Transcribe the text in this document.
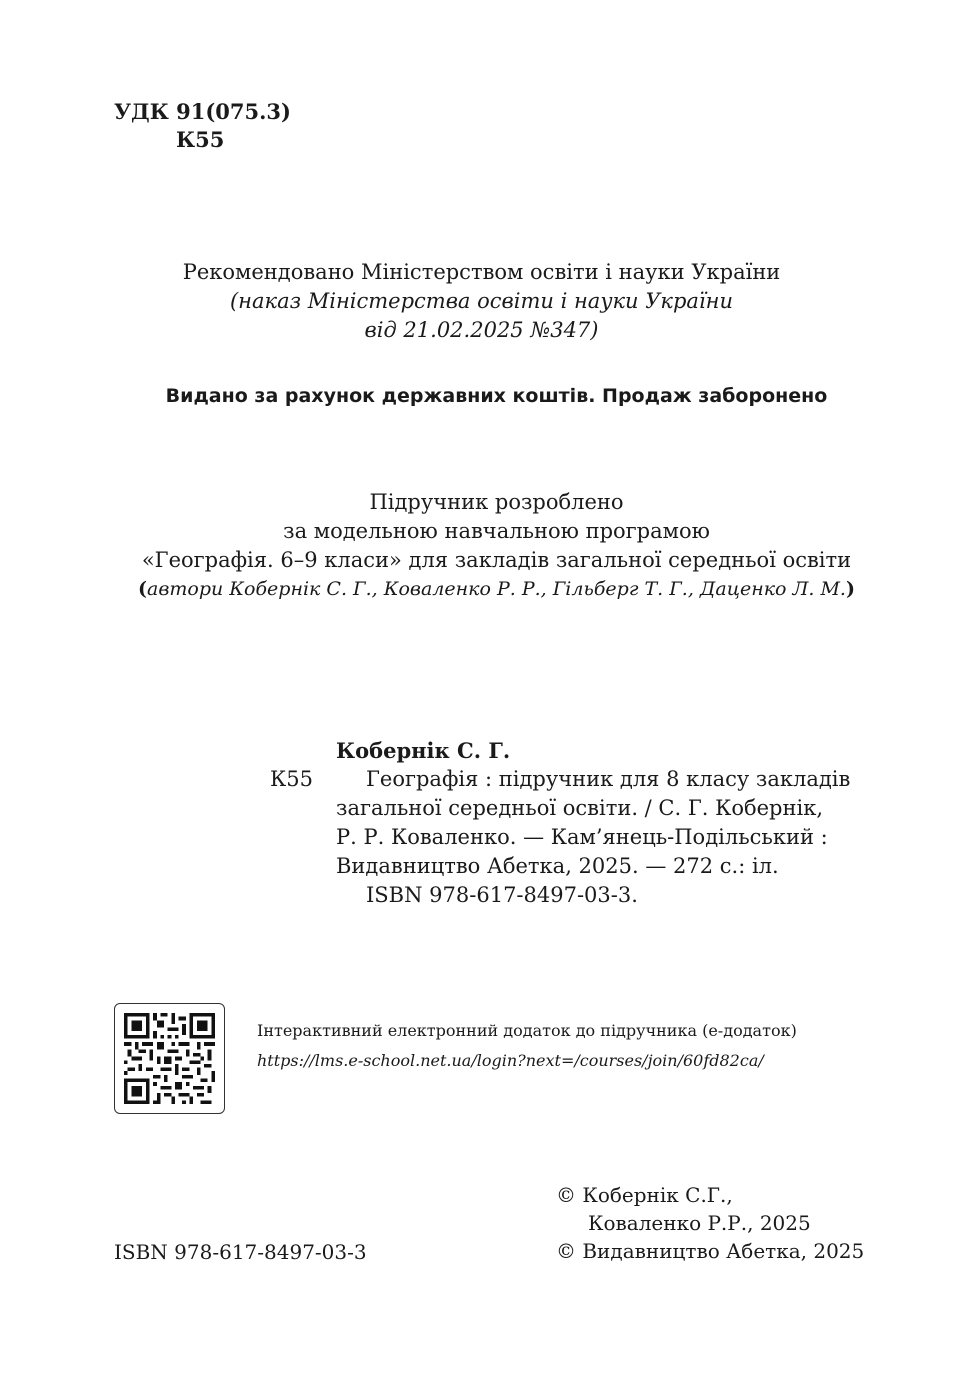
УДК 91(075.3)
К55
Рекомендовано Міністерством освіти і науки України
(наказ Міністерства освіти і науки України
від 21.02.2025 №347)
Видано за рахунок державних коштів. Продаж заборонено
Підручник розроблено
за модельною навчальною програмою
«Географія. 6–9 класи» для закладів загальної середньої освіти
(автори Кобернік С. Г., Коваленко Р. Р., Гільберг Т. Г., Даценко Л. М.)
Кобернік С. Г.
К55	Географія : підручник для 8 класу закладів
загальної середньої освіти. / С. Г. Кобернік,
Р. Р. Коваленко. — Кам’янець-Подільський :
Видавництво Абетка, 2025. — 272 с.: іл.
ISBN 978-617-8497-03-3.
Інтерактивний електронний додаток до підручника (е-додаток)
https://lms.e-school.net.ua/login?next=/courses/join/60fd82ca/
ISBN 978-617-8497-03-3
© Кобернік С.Г.,
Коваленко Р.Р., 2025
© Видавництво Абетка, 2025
